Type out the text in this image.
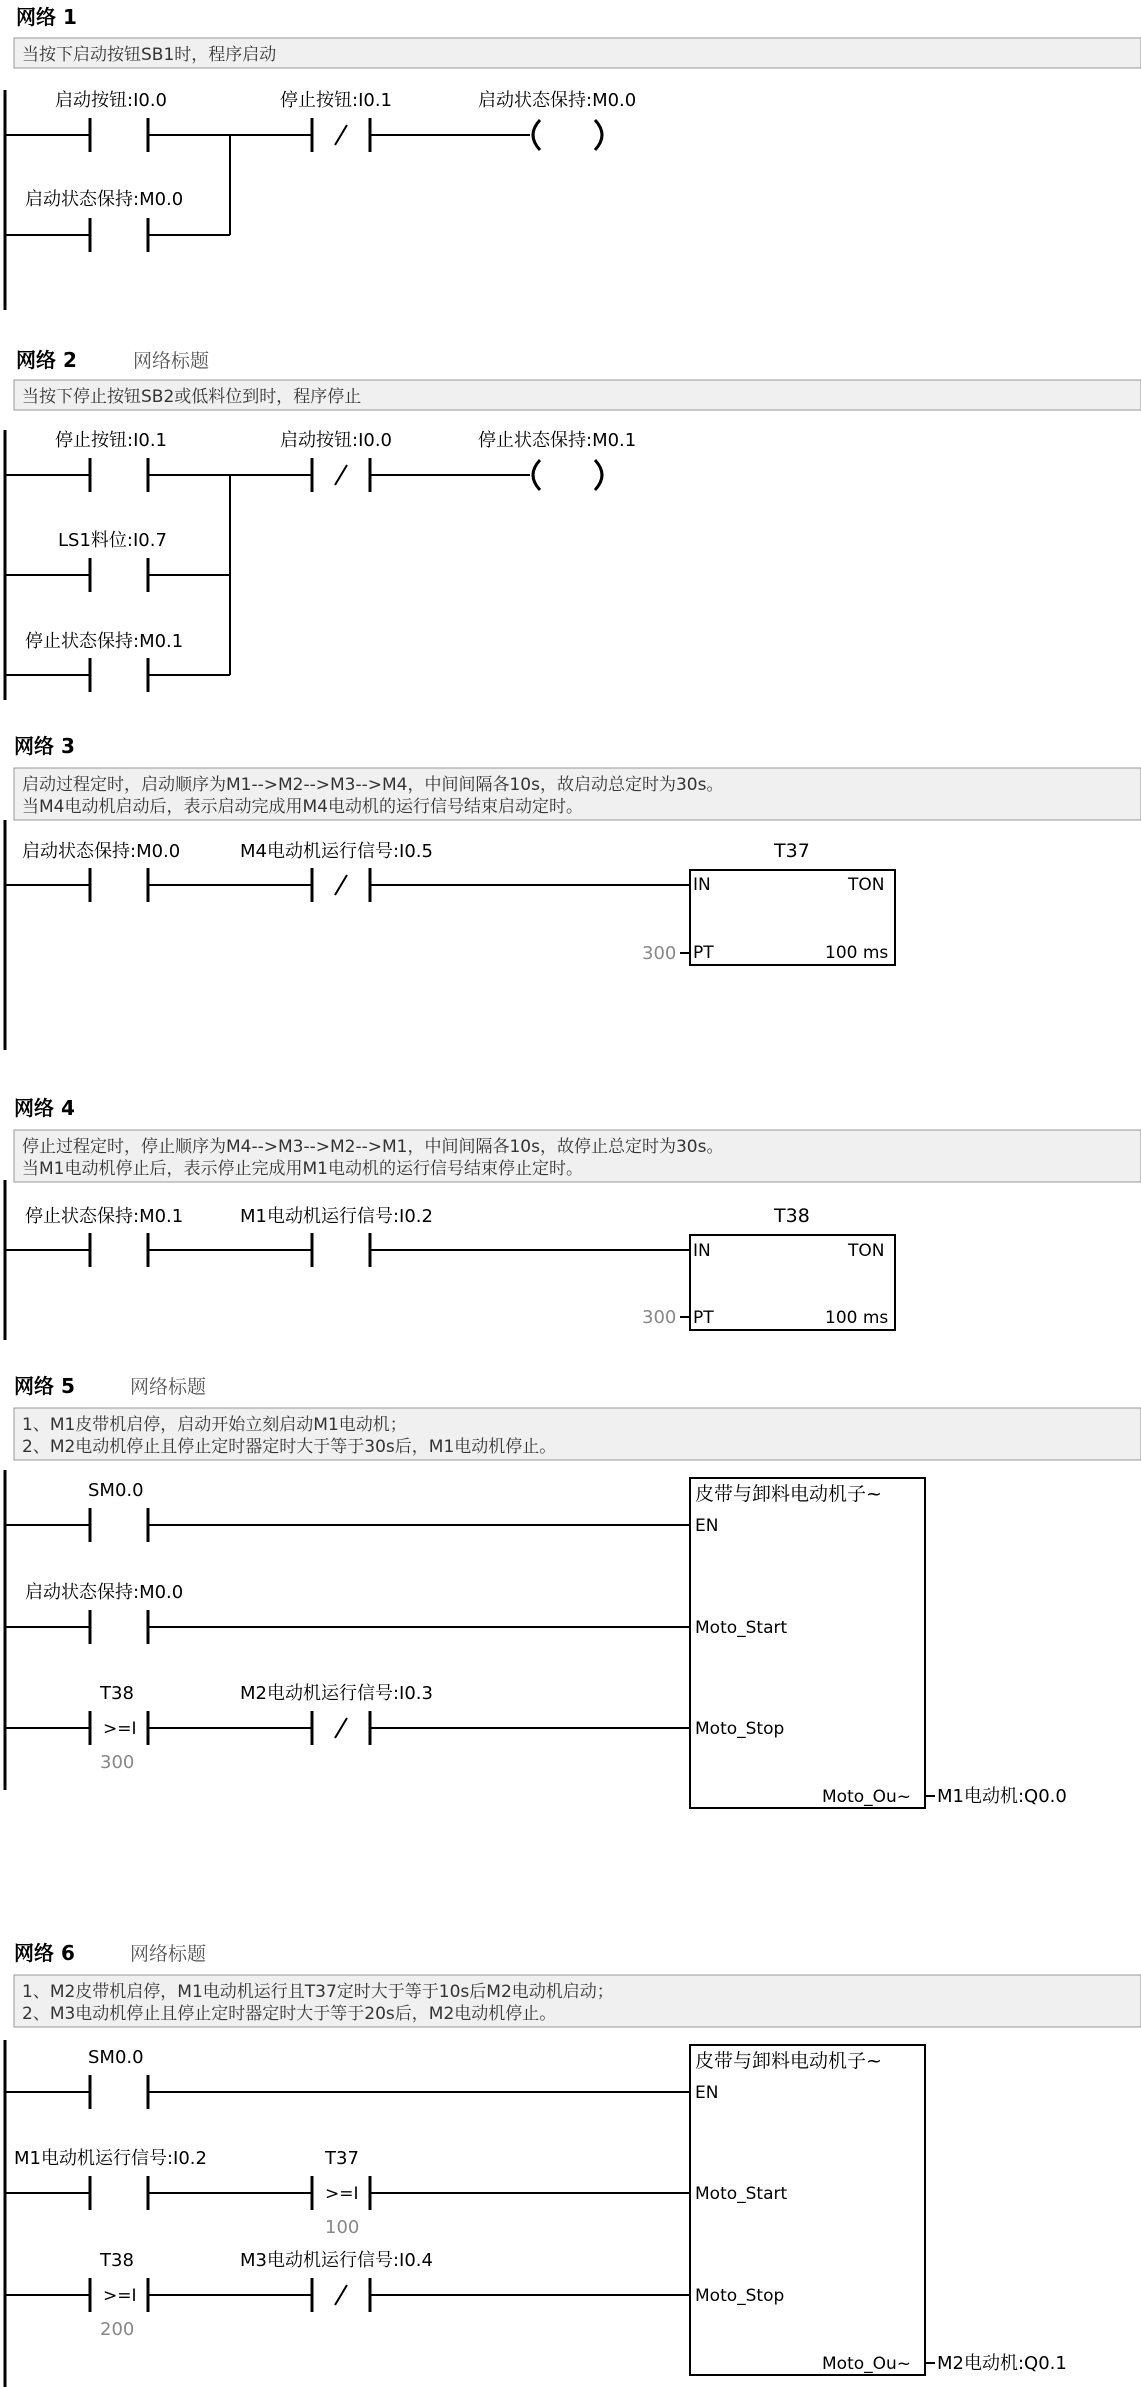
网络 1
当按下启动按钮SB1时，程序启动
启动按钮:I0.0
启动状态保持:M0.0
停止按钮:I0.1	启动状态保持:M0.0
网络 2	网络标题
当按下停止按钮SB2或低料位到时，程序停止
停止按钮:I0.1
LS1料位:I0.7
停止状态保持:M0.1
启动按钮:I0.0	停止状态保持:M0.1
网络 3
启动过程定时，启动顺序为M1-->M2-->M3-->M4，中间间隔各10s，故启动总定时为30s。
当M4电动机启动后，表示启动完成用M4电动机的运行信号结束启动定时。
启动状态保持:M0.0	M4电动机运行信号:I0.5	T37
IN	TON
PT	100 ms
300
网络 4
停止过程定时，停止顺序为M4-->M3-->M2-->M1，中间间隔各10s，故停止总定时为30s。
当M1电动机停止后，表示停止完成用M1电动机的运行信号结束停止定时。
停止状态保持:M0.1	M1电动机运行信号:I0.2	T38
IN	TON
PT	100 ms
300
网络 5	网络标题
1、M1皮带机启停，启动开始立刻启动M1电动机；
2、M2电动机停止且停止定时器定时大于等于30s后，M1电动机停止。
SM0.0
启动状态保持:M0.0
>=I
T38
300
M2电动机运行信号:I0.3
皮带与卸料电动机子~
EN
Moto_Start
Moto_Stop
Moto_Ou~ M1电动机:Q0.0
网络 6	网络标题
1、M2皮带机启停，M1电动机运行且T37定时大于等于10s后M2电动机启动；
2、M3电动机停止且停止定时器定时大于等于20s后，M2电动机停止。
SM0.0
M1电动机运行信号:I0.2
>=I
T37
100
>=I
T38
200
M3电动机运行信号:I0.4
皮带与卸料电动机子~
EN
Moto_Start
Moto_Stop
Moto_Ou~ M2电动机:Q0.1
